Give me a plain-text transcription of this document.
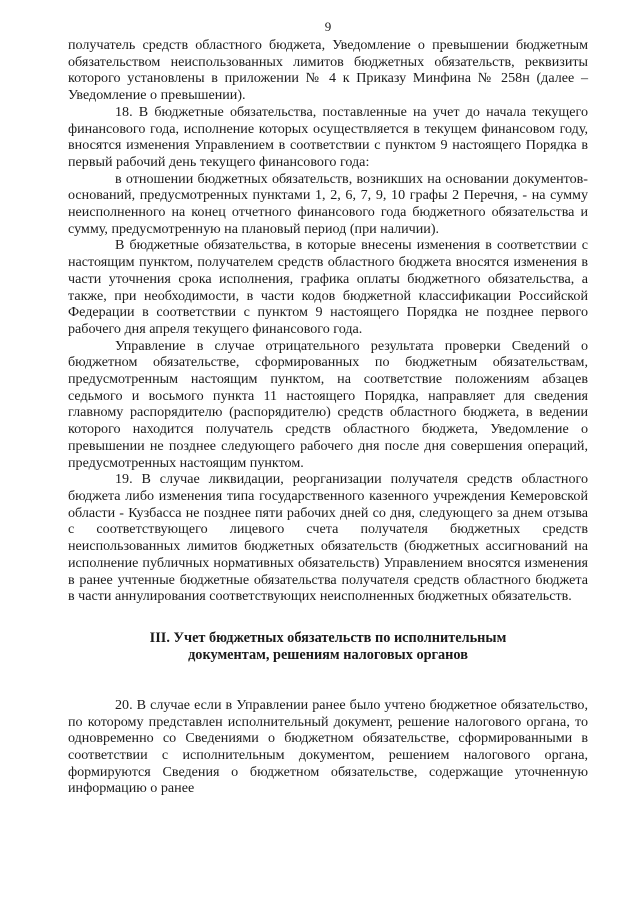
9

получатель средств областного бюджета, Уведомление о превышении бюджетным обязательством неиспользованных лимитов бюджетных обязательств, реквизиты которого установлены в приложении № 4 к Приказу Минфина № 258н (далее – Уведомление о превышении).

18. В бюджетные обязательства, поставленные на учет до начала текущего финансового года, исполнение которых осуществляется в текущем финансовом году, вносятся изменения Управлением в соответствии с пунктом 9 настоящего Порядка в первый рабочий день текущего финансового года:

в отношении бюджетных обязательств, возникших на основании документов-оснований, предусмотренных пунктами 1, 2, 6, 7, 9, 10 графы 2 Перечня, - на сумму неисполненного на конец отчетного финансового года бюджетного обязательства и сумму, предусмотренную на плановый период (при наличии).

В бюджетные обязательства, в которые внесены изменения в соответствии с настоящим пунктом, получателем средств областного бюджета вносятся изменения в части уточнения срока исполнения, графика оплаты бюджетного обязательства, а также, при необходимости, в части кодов бюджетной классификации Российской Федерации в соответствии с пунктом 9 настоящего Порядка не позднее первого рабочего дня апреля текущего финансового года.

Управление в случае отрицательного результата проверки Сведений о бюджетном обязательстве, сформированных по бюджетным обязательствам, предусмотренным настоящим пунктом, на соответствие положениям абзацев седьмого и восьмого пункта 11 настоящего Порядка, направляет для сведения главному распорядителю (распорядителю) средств областного бюджета, в ведении которого находится получатель средств областного бюджета, Уведомление о превышении не позднее следующего рабочего дня после дня совершения операций, предусмотренных настоящим пунктом.

19. В случае ликвидации, реорганизации получателя средств областного бюджета либо изменения типа государственного казенного учреждения Кемеровской области - Кузбасса не позднее пяти рабочих дней со дня, следующего за днем отзыва с соответствующего лицевого счета получателя бюджетных средств неиспользованных лимитов бюджетных обязательств (бюджетных ассигнований на исполнение публичных нормативных обязательств) Управлением вносятся изменения в ранее учтенные бюджетные обязательства получателя средств областного бюджета в части аннулирования соответствующих неисполненных бюджетных обязательств.

III. Учет бюджетных обязательств по исполнительным
документам, решениям налоговых органов

20. В случае если в Управлении ранее было учтено бюджетное обязательство, по которому представлен исполнительный документ, решение налогового органа, то одновременно со Сведениями о бюджетном обязательстве, сформированными в соответствии с исполнительным документом, решением налогового органа, формируются Сведения о бюджетном обязательстве, содержащие уточненную информацию о ранее
